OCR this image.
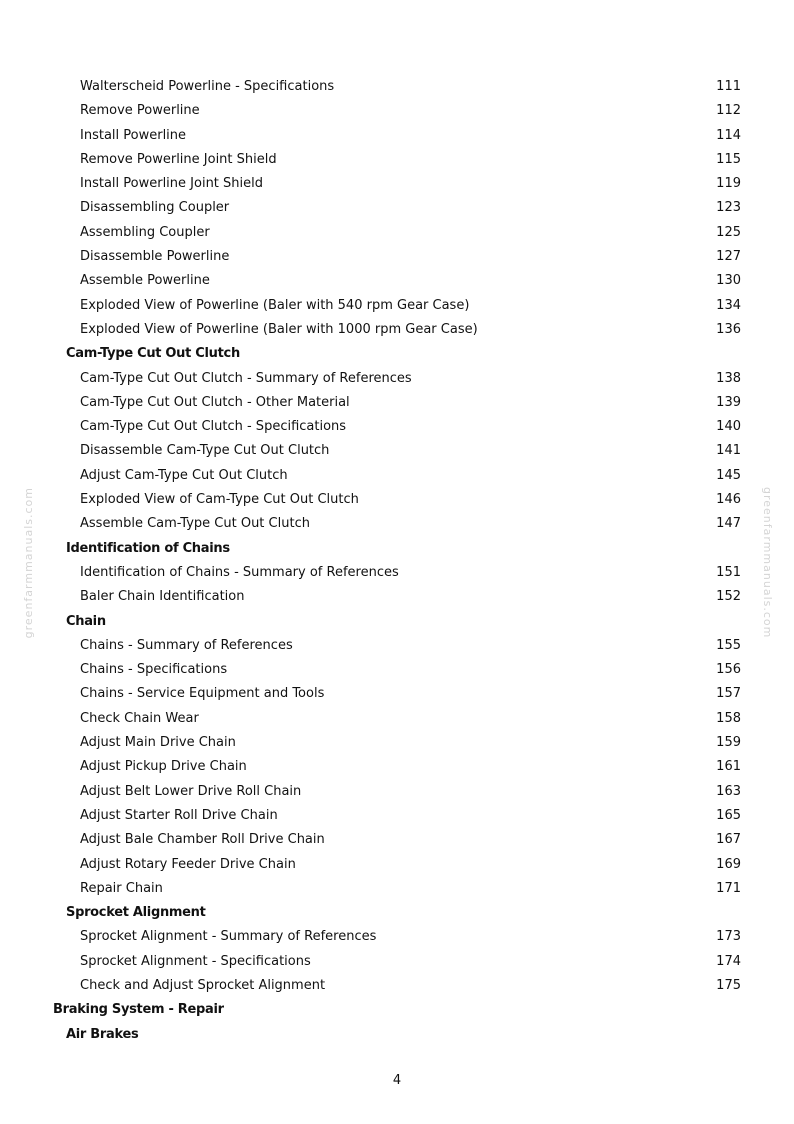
Walterscheid Powerline - Specifications	111
Remove Powerline	112
Install Powerline	114
Remove Powerline Joint Shield	115
Install Powerline Joint Shield	119
Disassembling Coupler	123
Assembling Coupler	125
Disassemble Powerline	127
Assemble Powerline	130
Exploded View of Powerline (Baler with 540 rpm Gear Case)	134
Exploded View of Powerline (Baler with 1000 rpm Gear Case)	136
Cam-Type Cut Out Clutch
Cam-Type Cut Out Clutch - Summary of References	138
Cam-Type Cut Out Clutch - Other Material	139
Cam-Type Cut Out Clutch - Specifications	140
Disassemble Cam-Type Cut Out Clutch	141
Adjust Cam-Type Cut Out Clutch	145
Exploded View of Cam-Type Cut Out Clutch	146
Assemble Cam-Type Cut Out Clutch	147
Identification of Chains
Identification of Chains - Summary of References	151
Baler Chain Identification	152
Chain
Chains - Summary of References	155
Chains - Specifications	156
Chains - Service Equipment and Tools	157
Check Chain Wear	158
Adjust Main Drive Chain	159
Adjust Pickup Drive Chain	161
Adjust Belt Lower Drive Roll Chain	163
Adjust Starter Roll Drive Chain	165
Adjust Bale Chamber Roll Drive Chain	167
Adjust Rotary Feeder Drive Chain	169
Repair Chain	171
Sprocket Alignment
Sprocket Alignment - Summary of References	173
Sprocket Alignment - Specifications	174
Check and Adjust Sprocket Alignment	175
Braking System - Repair
Air Brakes
greenfarmmanuals.com	greenfarmmanuals.com
4
